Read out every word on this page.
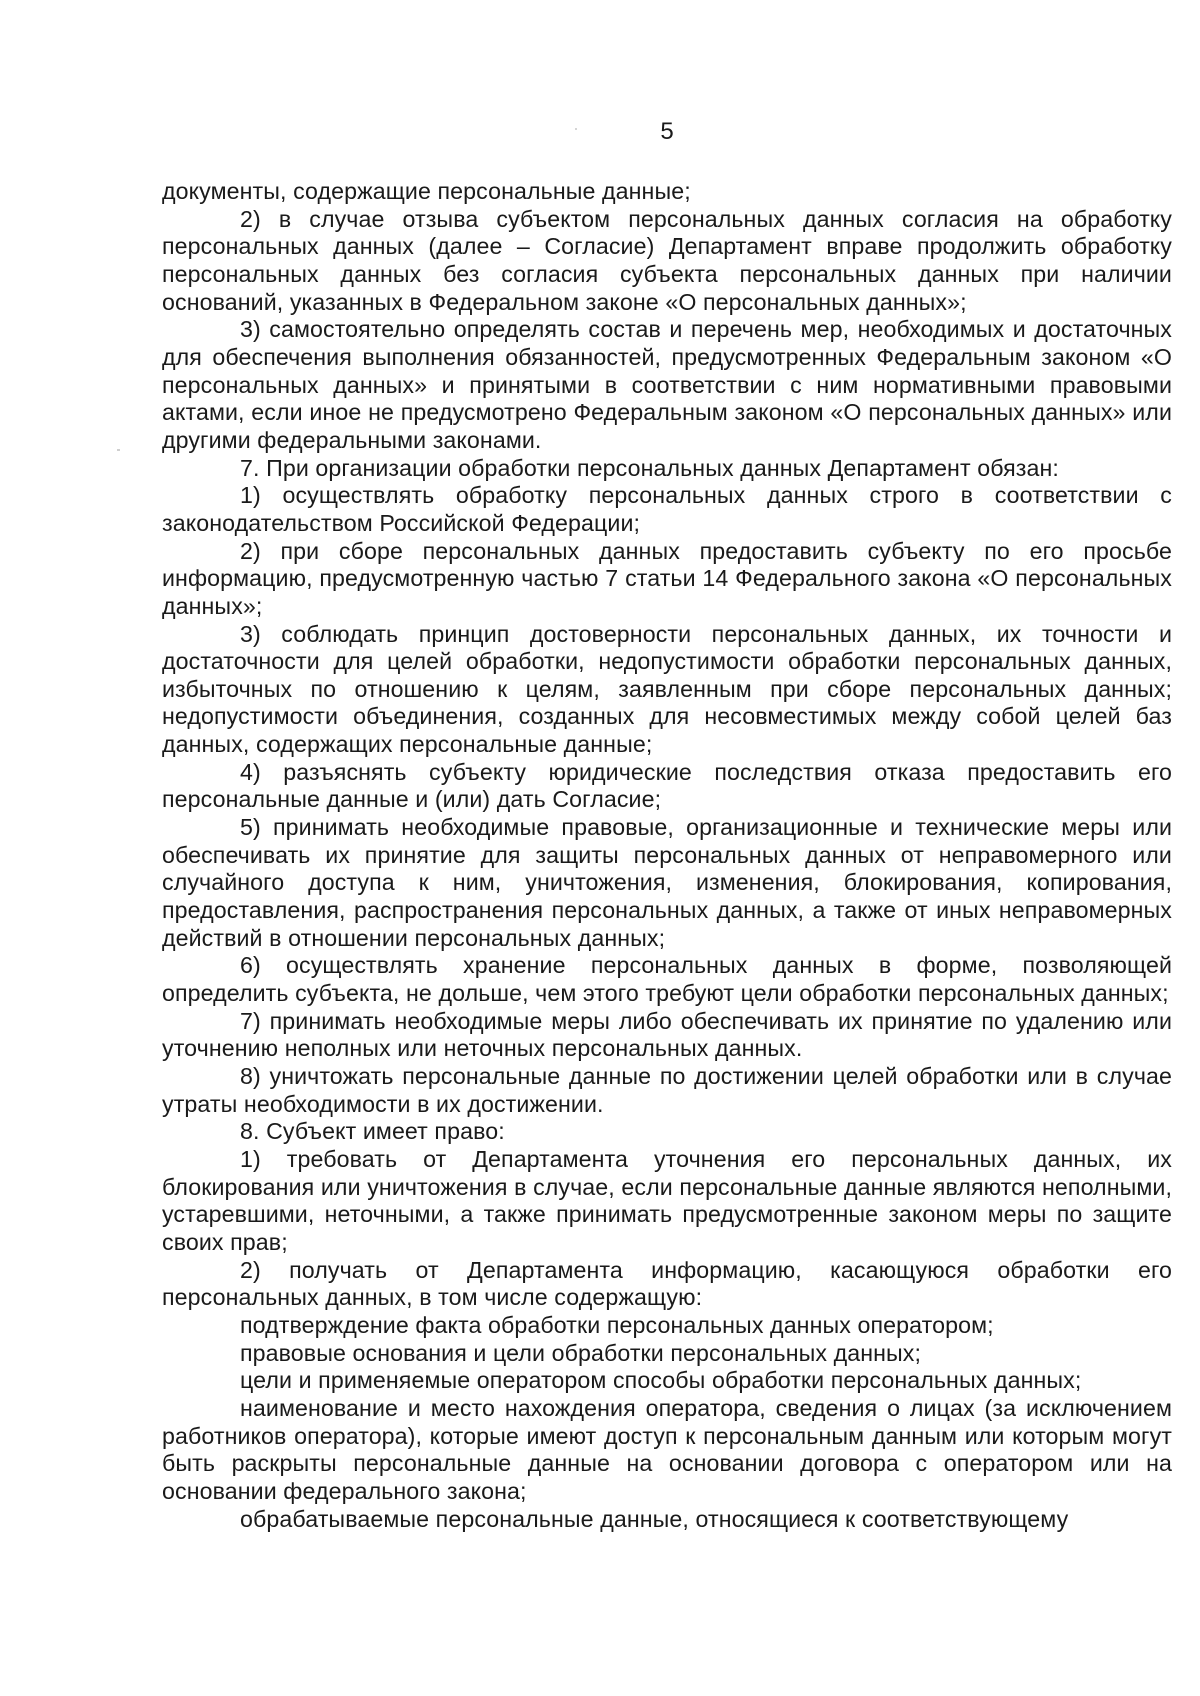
5

документы, содержащие персональные данные;

2) в случае отзыва субъектом персональных данных согласия на обработку персональных данных (далее – Согласие) Департамент вправе продолжить обработку персональных данных без согласия субъекта персональных данных при наличии оснований, указанных в Федеральном законе «О персональных данных»;

3) самостоятельно определять состав и перечень мер, необходимых и достаточных для обеспечения выполнения обязанностей, предусмотренных Федеральным законом «О персональных данных» и принятыми в соответствии с ним нормативными правовыми актами, если иное не предусмотрено Федеральным законом «О персональных данных» или другими федеральными законами.

7. При организации обработки персональных данных Департамент обязан:

1) осуществлять обработку персональных данных строго в соответствии с законодательством Российской Федерации;

2) при сборе персональных данных предоставить субъекту по его просьбе информацию, предусмотренную частью 7 статьи 14 Федерального закона «О персональных данных»;

3) соблюдать принцип достоверности персональных данных, их точности и достаточности для целей обработки, недопустимости обработки персональных данных, избыточных по отношению к целям, заявленным при сборе персональных данных; недопустимости объединения, созданных для несовместимых между собой целей баз данных, содержащих персональные данные;

4) разъяснять субъекту юридические последствия отказа предоставить его персональные данные и (или) дать Согласие;

5) принимать необходимые правовые, организационные и технические меры или обеспечивать их принятие для защиты персональных данных от неправомерного или случайного доступа к ним, уничтожения, изменения, блокирования, копирования, предоставления, распространения персональных данных, а также от иных неправомерных действий в отношении персональных данных;

6) осуществлять хранение персональных данных в форме, позволяющей определить субъекта, не дольше, чем этого требуют цели обработки персональных данных;

7) принимать необходимые меры либо обеспечивать их принятие по удалению или уточнению неполных или неточных персональных данных.

8) уничтожать персональные данные по достижении целей обработки или в случае утраты необходимости в их достижении.

8. Субъект имеет право:

1) требовать от Департамента уточнения его персональных данных, их блокирования или уничтожения в случае, если персональные данные являются неполными, устаревшими, неточными, а также принимать предусмотренные законом меры по защите своих прав;

2) получать от Департамента информацию, касающуюся обработки его персональных данных, в том числе содержащую:

подтверждение факта обработки персональных данных оператором;

правовые основания и цели обработки персональных данных;

цели и применяемые оператором способы обработки персональных данных;

наименование и место нахождения оператора, сведения о лицах (за исключением работников оператора), которые имеют доступ к персональным данным или которым могут быть раскрыты персональные данные на основании договора с оператором или на основании федерального закона;

обрабатываемые персональные данные, относящиеся к соответствующему
